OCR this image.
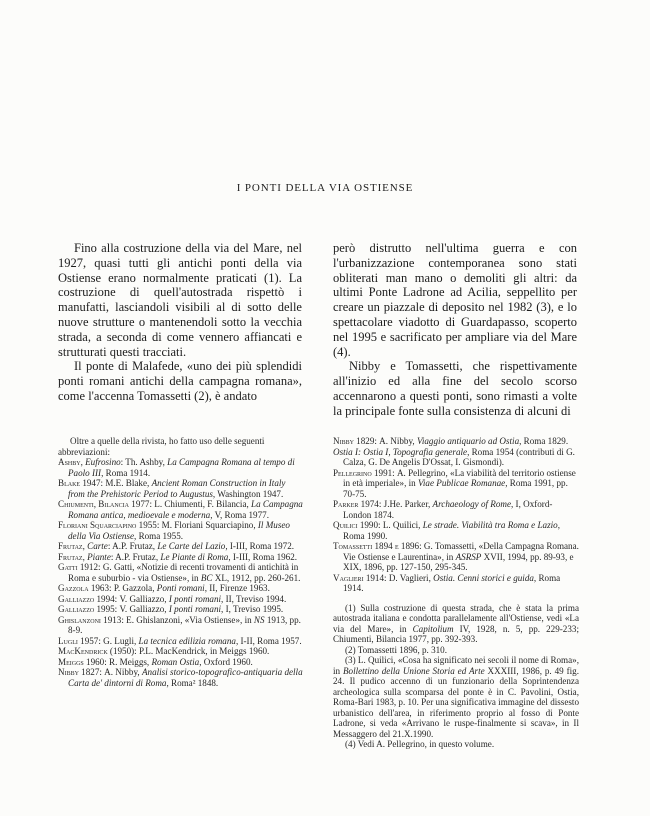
I PONTI DELLA VIA OSTIENSE

Fino alla costruzione della via del Mare, nel 1927, quasi tutti gli antichi ponti della via Ostiense erano normalmente praticati (1). La costruzione di quell'autostrada rispettò i manufatti, lasciandoli visibili al di sotto delle nuove strutture o mantenendoli sotto la vecchia strada, a seconda di come vennero affiancati e strutturati questi tracciati.

Il ponte di Malafede, «uno dei più splendidi ponti romani antichi della campagna romana», come l'accenna Tomassetti (2), è andato

però distrutto nell'ultima guerra e con l'urbanizzazione contemporanea sono stati obliterati man mano o demoliti gli altri: da ultimi Ponte Ladrone ad Acilia, seppellito per creare un piazzale di deposito nel 1982 (3), e lo spettacolare viadotto di Guardapasso, scoperto nel 1995 e sacrificato per ampliare via del Mare (4).

Nibby e Tomassetti, che rispettivamente all'inizio ed alla fine del secolo scorso accennarono a questi ponti, sono rimasti a volte la principale fonte sulla consistenza di alcuni di

Oltre a quelle della rivista, ho fatto uso delle seguenti

abbreviazioni:

Ashby, Eufrosino: Th. Ashby, La Campagna Romana al tempo di Paolo III, Roma 1914.

Blake 1947: M.E. Blake, Ancient Roman Construction in Italy from the Prehistoric Period to Augustus, Washington 1947.

Chiumenti, Bilancia 1977: L. Chiumenti, F. Bilancia, La Campagna Romana antica, medioevale e moderna, V, Roma 1977.

Floriani Squarciapino 1955: M. Floriani Squarciapino, Il Museo della Via Ostiense, Roma 1955.

Frutaz, Carte: A.P. Frutaz, Le Carte del Lazio, I-III, Roma 1972.

Frutaz, Piante: A.P. Frutaz, Le Piante di Roma, I-III, Roma 1962.

Gatti 1912: G. Gatti, «Notizie di recenti trovamenti di antichità in Roma e suburbio - via Ostiense», in BC XL, 1912, pp. 260-261.

Gazzola 1963: P. Gazzola, Ponti romani, II, Firenze 1963.

Galliazzo 1994: V. Galliazzo, I ponti romani, II, Treviso 1994.

Galliazzo 1995: V. Galliazzo, I ponti romani, I, Treviso 1995.

Ghislanzoni 1913: E. Ghislanzoni, «Via Ostiense», in NS 1913, pp. 8-9.

Lugli 1957: G. Lugli, La tecnica edilizia romana, I-II, Roma 1957.

MacKendrick (1950): P.L. MacKendrick, in Meiggs 1960.

Meiggs 1960: R. Meiggs, Roman Ostia, Oxford 1960.

Nibby 1827: A. Nibby, Analisi storico-topografico-antiquaria della Carta de' dintorni di Roma, Roma² 1848.

Nibby 1829: A. Nibby, Viaggio antiquario ad Ostia, Roma 1829.

Ostia I: Ostia I, Topografia generale, Roma 1954 (contributi di G. Calza, G. De Angelis D'Ossat, I. Gismondi).

Pellegrino 1991: A. Pellegrino, «La viabilità del territorio ostiense in età imperiale», in Viae Publicae Romanae, Roma 1991, pp. 70-75.

Parker 1974: J.He. Parker, Archaeology of Rome, I, Oxford-London 1874.

Quilici 1990: L. Quilici, Le strade. Viabilità tra Roma e Lazio, Roma 1990.

Tomassetti 1894 e 1896: G. Tomassetti, «Della Campagna Romana. Vie Ostiense e Laurentina», in ASRSP XVII, 1994, pp. 89-93, e XIX, 1896, pp. 127-150, 295-345.

Vaglieri 1914: D. Vaglieri, Ostia. Cenni storici e guida, Roma 1914.

(1) Sulla costruzione di questa strada, che è stata la prima autostrada italiana e condotta parallelamente all'Ostiense, vedi «La via del Mare», in Capitolium IV, 1928, n. 5, pp. 229-233; Chiumenti, Bilancia 1977, pp. 392-393.

(2) Tomassetti 1896, p. 310.

(3) L. Quilici, «Cosa ha significato nei secoli il nome di Roma», in Bollettino della Unione Storia ed Arte XXXIII, 1986, p. 49 fig. 24. Il pudico accenno di un funzionario della Soprintendenza archeologica sulla scomparsa del ponte è in C. Pavolini, Ostia, Roma-Bari 1983, p. 10. Per una significativa immagine del dissesto urbanistico dell'area, in riferimento proprio al fosso di Ponte Ladrone, si veda «Arrivano le ruspe-finalmente si scava», in Il Messaggero del 21.X.1990.

(4) Vedi A. Pellegrino, in questo volume.
